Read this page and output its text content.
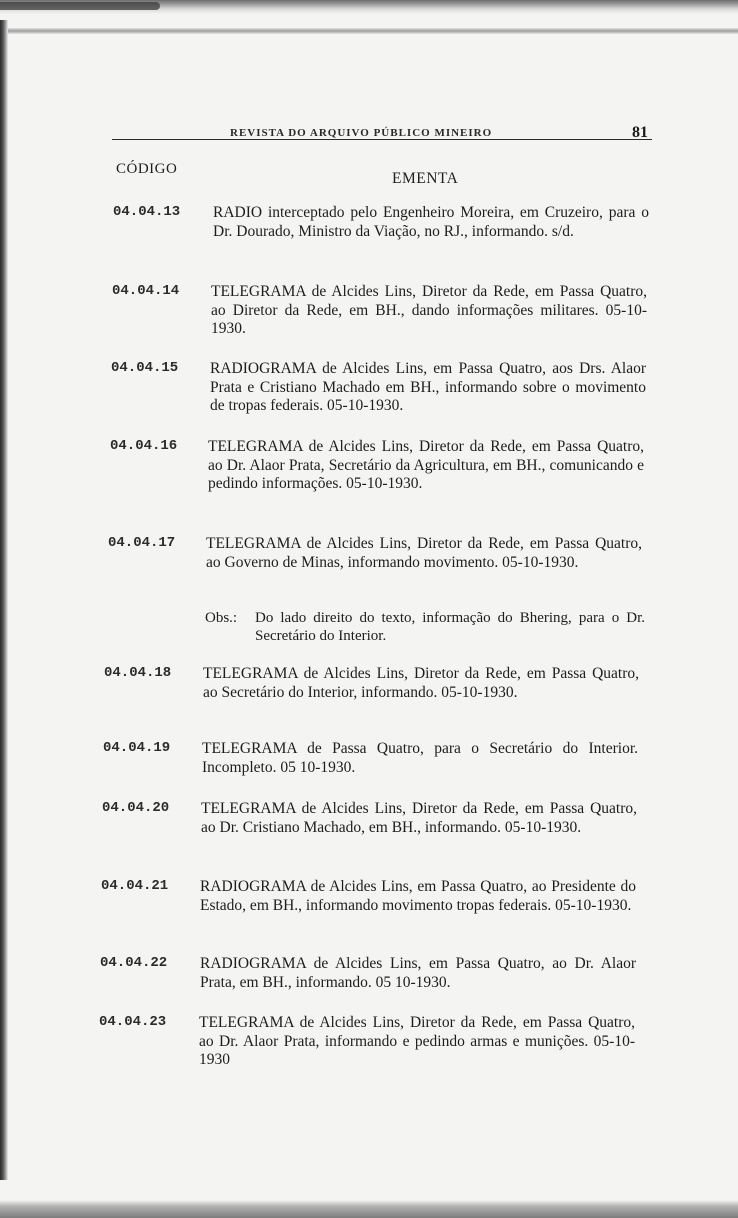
REVISTA DO ARQUIVO PÚBLICO MINEIRO	81
CÓDIGO
EMENTA
04.04.13 RADIO interceptado pelo Engenheiro Moreira, em Cruzeiro, para o Dr. Dourado, Ministro da Viação, no RJ., informando. s/d.
04.04.14 TELEGRAMA de Alcides Lins, Diretor da Rede, em Passa Quatro, ao Diretor da Rede, em BH., dando informações militares. 05-10-1930.
04.04.15 RADIOGRAMA de Alcides Lins, em Passa Quatro, aos Drs. Alaor Prata e Cristiano Machado em BH., informando sobre o movimento de tropas federais. 05-10-1930.
04.04.16 TELEGRAMA de Alcides Lins, Diretor da Rede, em Passa Quatro, ao Dr. Alaor Prata, Secretário da Agricultura, em BH., comunicando e pedindo informações. 05-10-1930.
04.04.17 TELEGRAMA de Alcides Lins, Diretor da Rede, em Passa Quatro, ao Governo de Minas, informando movimento. 05-10-1930.
Obs.: Do lado direito do texto, informação do Bhering, para o Dr. Secretário do Interior.
04.04.18 TELEGRAMA de Alcides Lins, Diretor da Rede, em Passa Quatro, ao Secretário do Interior, informando. 05-10-1930.
04.04.19 TELEGRAMA de Passa Quatro, para o Secretário do Interior. Incompleto. 05 10-1930.
04.04.20 TELEGRAMA de Alcides Lins, Diretor da Rede, em Passa Quatro, ao Dr. Cristiano Machado, em BH., informando. 05-10-1930.
04.04.21 RADIOGRAMA de Alcides Lins, em Passa Quatro, ao Presidente do Estado, em BH., informando movimento tropas federais. 05-10-1930.
04.04.22 RADIOGRAMA de Alcides Lins, em Passa Quatro, ao Dr. Alaor Prata, em BH., informando. 05 10-1930.
04.04.23 TELEGRAMA de Alcides Lins, Diretor da Rede, em Passa Quatro, ao Dr. Alaor Prata, informando e pedindo armas e munições. 05-10-1930
